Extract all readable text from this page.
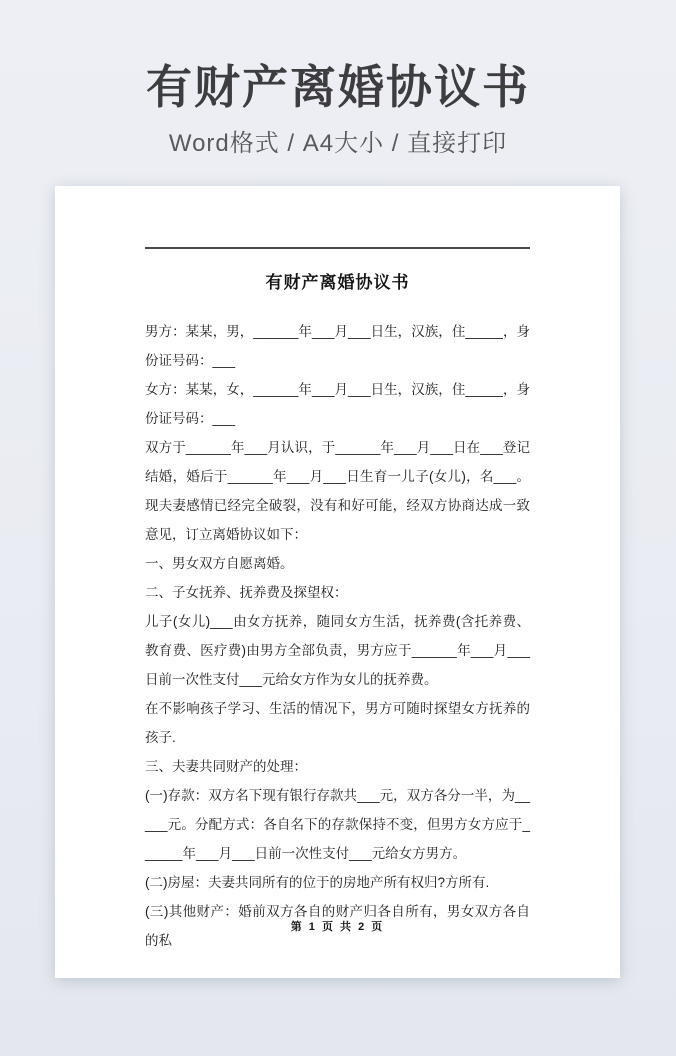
有财产离婚协议书

Word格式 / A4大小 / 直接打印

有财产离婚协议书

男方：某某，男，______年___月___日生，汉族，住_____，身份证号码：___

女方：某某，女，______年___月___日生，汉族，住_____，身份证号码：___

双方于______年___月认识，于______年___月___日在___登记结婚，婚后于______年___月___日生育一儿子(女儿)，名___。现夫妻感情已经完全破裂，没有和好可能，经双方协商达成一致意见，订立离婚协议如下：

一、男女双方自愿离婚。

二、子女抚养、抚养费及探望权：

儿子(女儿)___由女方抚养，随同女方生活，抚养费(含托养费、教育费、医疗费)由男方全部负责，男方应于______年___月___日前一次性支付___元给女方作为女儿的抚养费。

在不影响孩子学习、生活的情况下，男方可随时探望女方抚养的孩子.

三、夫妻共同财产的处理：

(一)存款：双方名下现有银行存款共___元，双方各分一半，为_____元。分配方式：各自名下的存款保持不变，但男方女方应于______年___月___日前一次性支付___元给女方男方。

(二)房屋：夫妻共同所有的位于的房地产所有权归?方所有.

(三)其他财产：婚前双方各自的财产归各自所有，男女双方各自的私

第 1 页 共 2 页
